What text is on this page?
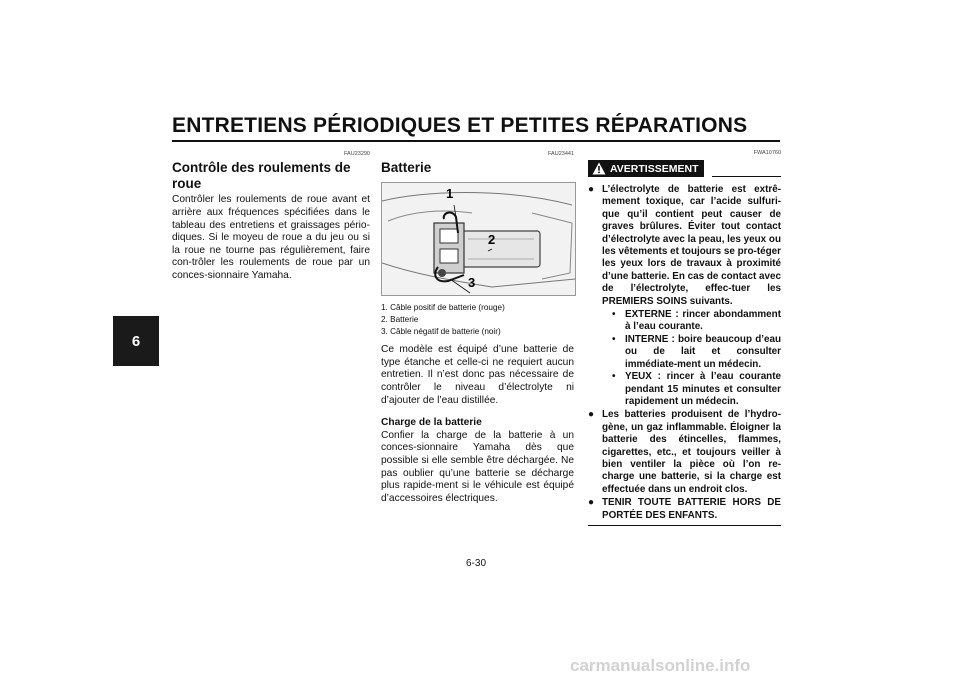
ENTRETIENS PÉRIODIQUES ET PETITES RÉPARATIONS
6
FAU23290
Contrôle des roulements de roue

Contrôler les roulements de roue avant et arrière aux fréquences spécifiées dans le tableau des entretiens et graissages pério-diques. Si le moyeu de roue a du jeu ou si la roue ne tourne pas régulièrement, faire con-trôler les roulements de roue par un conces-sionnaire Yamaha.

FAU23441
Batterie
1
2
3
1. Câble positif de batterie (rouge)
2. Batterie
3. Câble négatif de batterie (noir)

Ce modèle est équipé d’une batterie de type étanche et celle-ci ne requiert aucun entretien. Il n’est donc pas nécessaire de contrôler le niveau d’électrolyte ni d’ajouter de l’eau distillée.

Charge de la batterie

Confier la charge de la batterie à un conces-sionnaire Yamaha dès que possible si elle semble être déchargée. Ne pas oublier qu’une batterie se décharge plus rapide-ment si le véhicule est équipé d’accessoires électriques.

FWA10760
AVERTISSEMENT
● L’électrolyte de batterie est extrê-mement toxique, car l’acide sulfuri-que qu’il contient peut causer de graves brûlures. Éviter tout contact d’électrolyte avec la peau, les yeux ou les vêtements et toujours se pro-téger les yeux lors de travaux à proximité d’une batterie. En cas de contact avec de l’électrolyte, effec-tuer les PREMIERS SOINS suivants.
• EXTERNE : rincer abondamment à l’eau courante.
• INTERNE : boire beaucoup d’eau ou de lait et consulter immédiate-ment un médecin.
• YEUX : rincer à l’eau courante pendant 15 minutes et consulter rapidement un médecin.
● Les batteries produisent de l’hydro-gène, un gaz inflammable. Éloigner la batterie des étincelles, flammes, cigarettes, etc., et toujours veiller à bien ventiler la pièce où l’on re-charge une batterie, si la charge est effectuée dans un endroit clos.
● TENIR TOUTE BATTERIE HORS DE PORTÉE DES ENFANTS.

6-30

carmanualsonline.info
